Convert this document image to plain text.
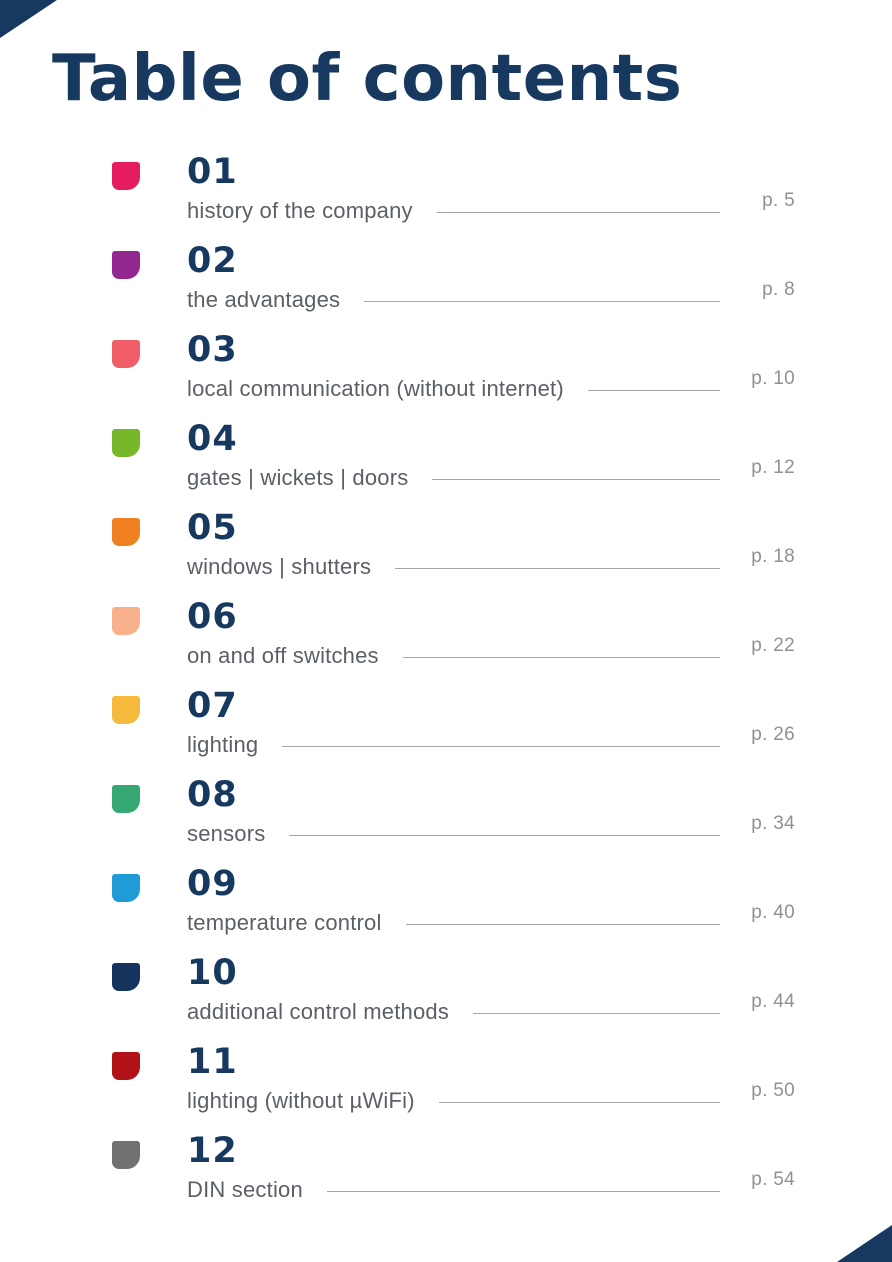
Table of contents
01
history of the company	p. 5
02
the advantages	p. 8
03
local communication (without internet)	p. 10
04
gates | wickets | doors	p. 12
05
windows | shutters	p. 18
06
on and off switches	p. 22
07
lighting	p. 26
08
sensors	p. 34
09
temperature control	p. 40
10
additional control methods	p. 44
11
lighting (without µWiFi)	p. 50
12
DIN section	p. 54
